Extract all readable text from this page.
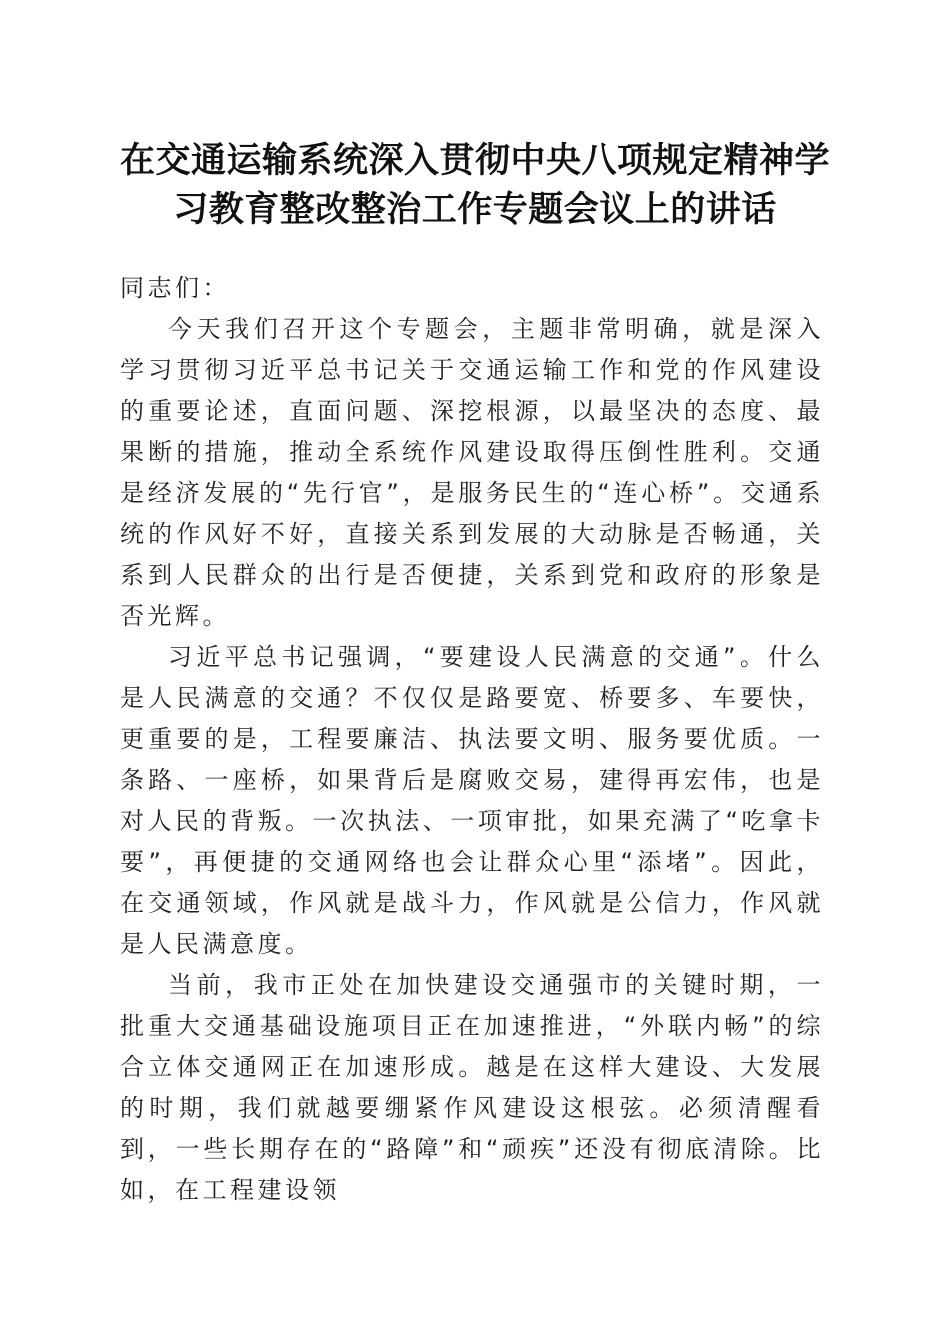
在交通运输系统深入贯彻中央八项规定精神学
习教育整改整治工作专题会议上的讲话

同志们：

今天我们召开这个专题会，主题非常明确，就是深入学习贯彻习近平总书记关于交通运输工作和党的作风建设的重要论述，直面问题、深挖根源，以最坚决的态度、最果断的措施，推动全系统作风建设取得压倒性胜利。交通是经济发展的“先行官”，是服务民生的“连心桥”。交通系统的作风好不好，直接关系到发展的大动脉是否畅通，关系到人民群众的出行是否便捷，关系到党和政府的形象是否光辉。

习近平总书记强调，“要建设人民满意的交通”。什么是人民满意的交通？不仅仅是路要宽、桥要多、车要快，更重要的是，工程要廉洁、执法要文明、服务要优质。一条路、一座桥，如果背后是腐败交易，建得再宏伟，也是对人民的背叛。一次执法、一项审批，如果充满了“吃拿卡要”，再便捷的交通网络也会让群众心里“添堵”。因此，在交通领域，作风就是战斗力，作风就是公信力，作风就是人民满意度。

当前，我市正处在加快建设交通强市的关键时期，一批重大交通基础设施项目正在加速推进，“外联内畅”的综合立体交通网正在加速形成。越是在这样大建设、大发展的时期，我们就越要绷紧作风建设这根弦。必须清醒看到，一些长期存在的“路障”和“顽疾”还没有彻底清除。比如，在工程建设领
